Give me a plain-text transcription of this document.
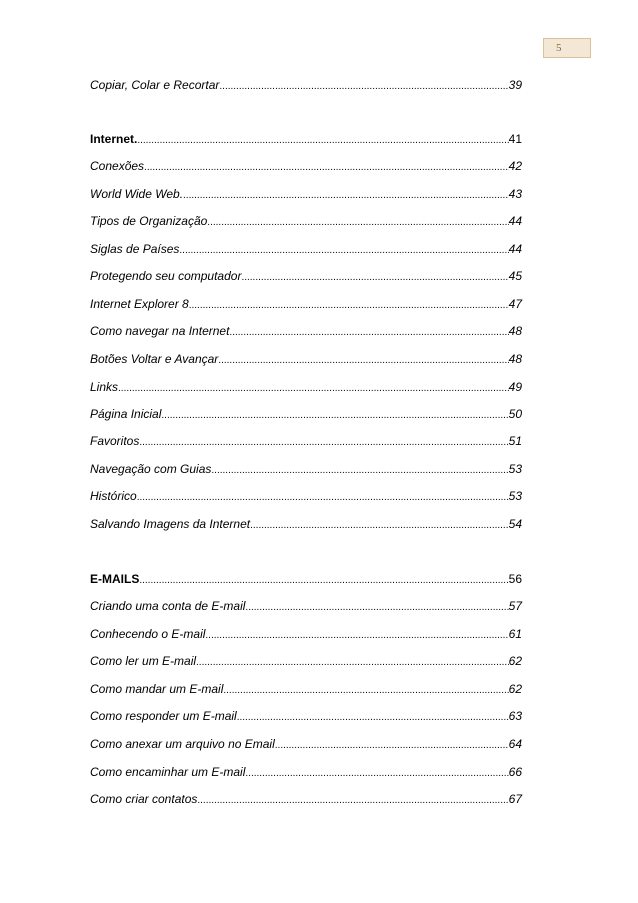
5
Copiar, Colar e Recortar .....	39
Internet. .....	41
Conexões .....	42
World Wide Web. .....	43
Tipos de Organização .....	44
Siglas de Países .....	44
Protegendo seu computador .....	45
Internet Explorer 8 .....	47
Como navegar na Internet .....	48
Botões Voltar e Avançar .....	48
Links .....	49
Página Inicial .....	50
Favoritos .....	51
Navegação com Guias .....	53
Histórico .....	53
Salvando Imagens da Internet .....	54
E-MAILS .....	56
Criando uma conta de E-mail .....	57
Conhecendo o E-mail .....	61
Como ler um E-mail .....	62
Como mandar um E-mail .....	62
Como responder um E-mail .....	63
Como anexar um arquivo no Email .....	64
Como encaminhar um E-mail .....	66
Como criar contatos .....	67
